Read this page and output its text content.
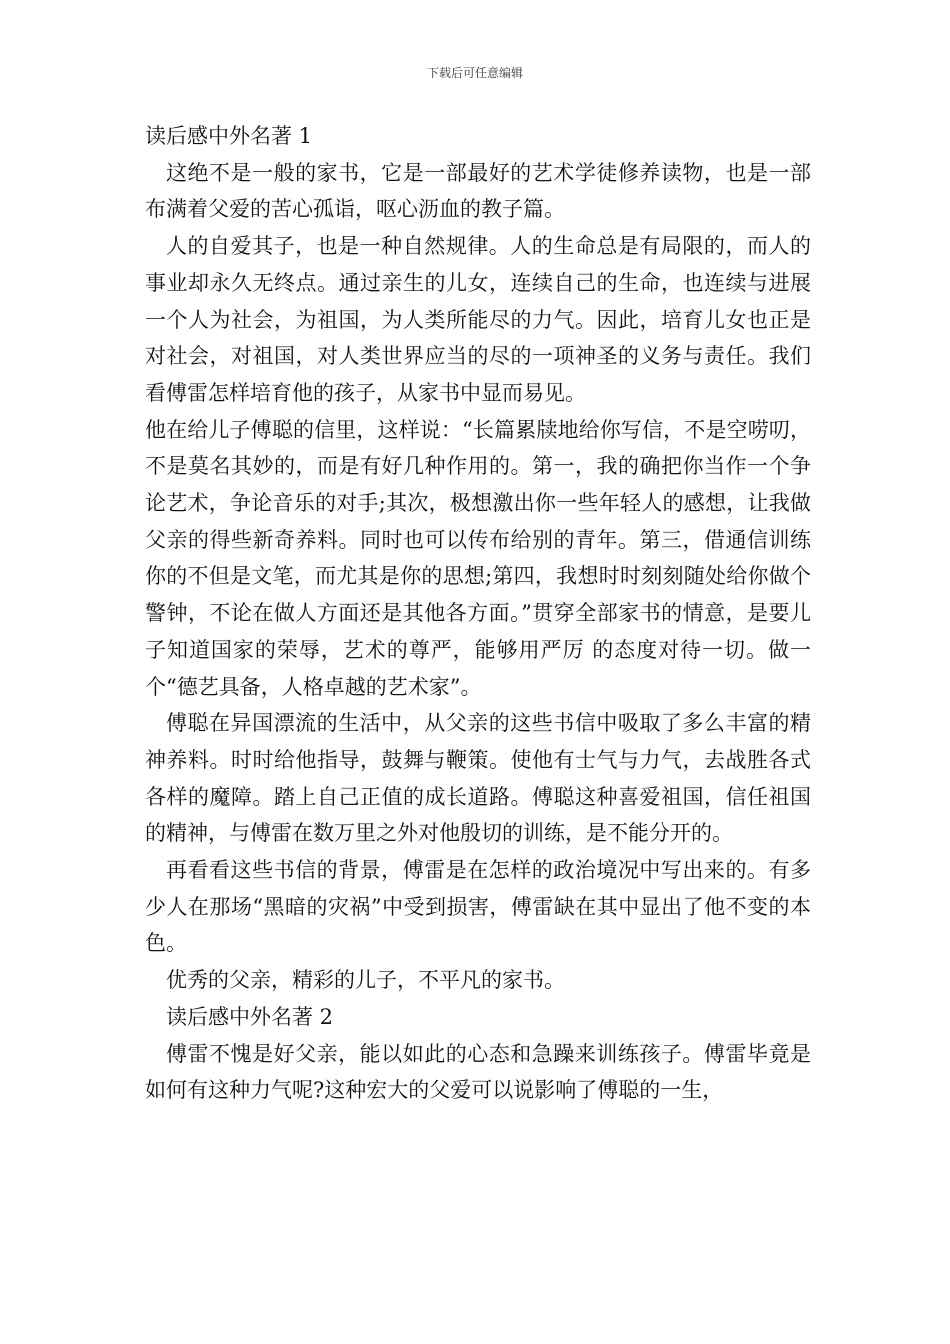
下载后可任意编辑

读后感中外名著 1

这绝不是一般的家书，它是一部最好的艺术学徒修养读物，也是一部布满着父爱的苦心孤诣，呕心沥血的教子篇。

人的自爱其子，也是一种自然规律。人的生命总是有局限的，而人的事业却永久无终点。通过亲生的儿女，连续自己的生命，也连续与进展一个人为社会，为祖国，为人类所能尽的力气。因此，培育儿女也正是对社会，对祖国，对人类世界应当的尽的一项神圣的义务与责任。我们看傅雷怎样培育他的孩子，从家书中显而易见。

他在给儿子傅聪的信里，这样说：“长篇累牍地给你写信，不是空唠叨，不是莫名其妙的，而是有好几种作用的。第一，我的确把你当作一个争论艺术，争论音乐的对手;其次，极想激出你一些年轻人的感想，让我做父亲的得些新奇养料。同时也可以传布给别的青年。第三，借通信训练你的不但是文笔，而尤其是你的思想;第四，我想时时刻刻随处给你做个警钟，不论在做人方面还是其他各方面。”贯穿全部家书的情意，是要儿子知道国家的荣辱，艺术的尊严，能够用严厉 的态度对待一切。做一个“德艺具备，人格卓越的艺术家”。

傅聪在异国漂流的生活中，从父亲的这些书信中吸取了多么丰富的精神养料。时时给他指导，鼓舞与鞭策。使他有士气与力气，去战胜各式各样的魔障。踏上自己正值的成长道路。傅聪这种喜爱祖国，信任祖国的精神，与傅雷在数万里之外对他殷切的训练，是不能分开的。

再看看这些书信的背景，傅雷是在怎样的政治境况中写出来的。有多少人在那场“黑暗的灾祸”中受到损害，傅雷缺在其中显出了他不变的本色。

优秀的父亲，精彩的儿子，不平凡的家书。

读后感中外名著 2

傅雷不愧是好父亲，能以如此的心态和急躁来训练孩子。傅雷毕竟是如何有这种力气呢?这种宏大的父爱可以说影响了傅聪的一生，
